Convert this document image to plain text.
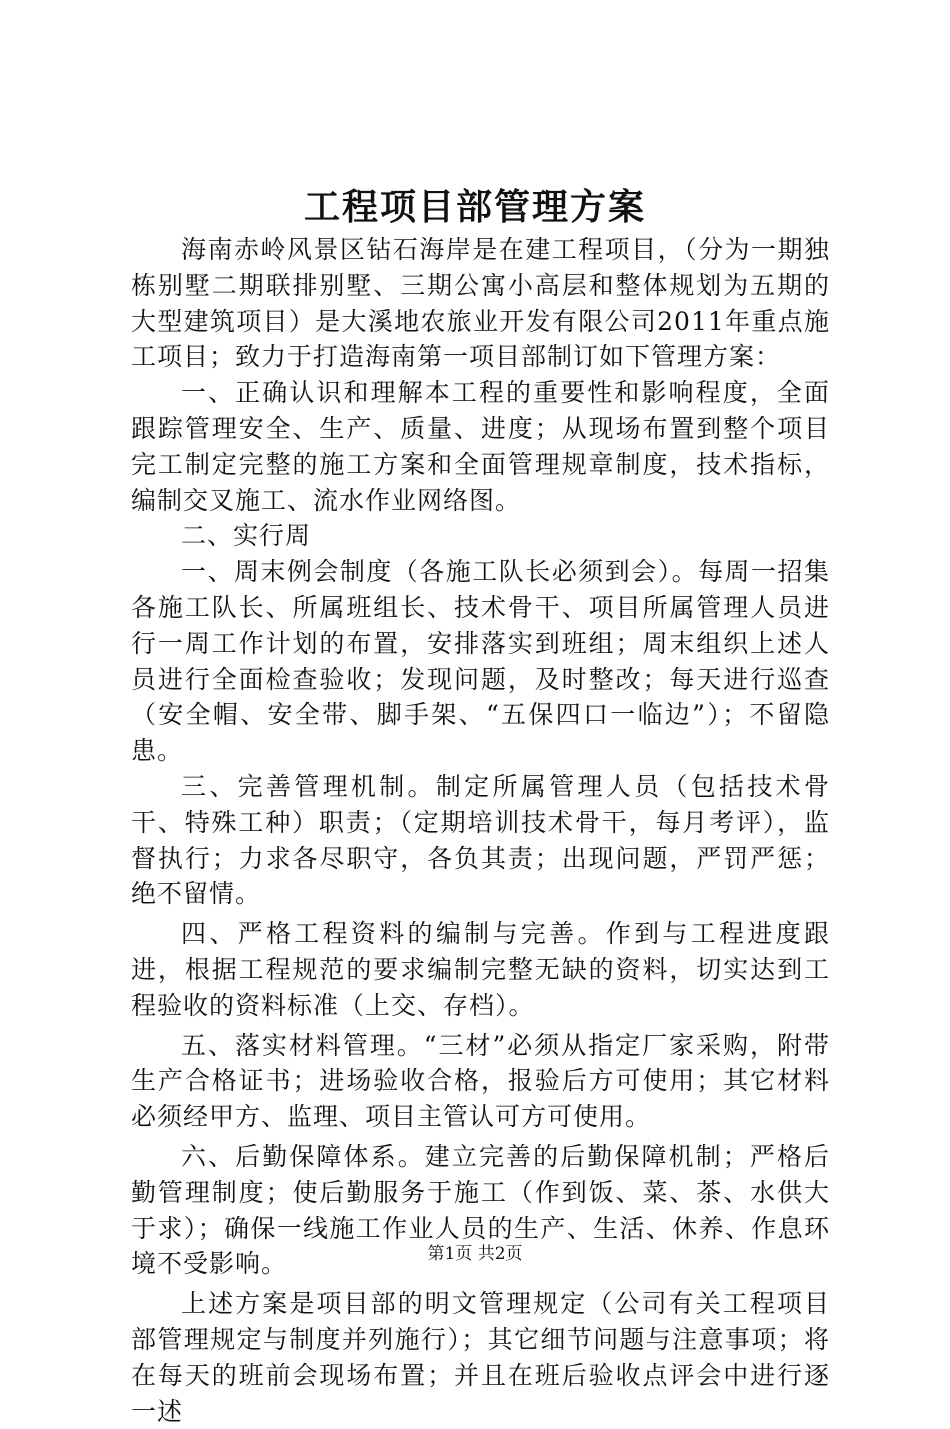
工程项目部管理方案

海南赤岭风景区钻石海岸是在建工程项目，（分为一期独栋别墅二期联排别墅、三期公寓小高层和整体规划为五期的大型建筑项目）是大溪地农旅业开发有限公司2011年重点施工项目；致力于打造海南第一项目部制订如下管理方案：

一、正确认识和理解本工程的重要性和影响程度，全面跟踪管理安全、生产、质量、进度；从现场布置到整个项目完工制定完整的施工方案和全面管理规章制度，技术指标，编制交叉施工、流水作业网络图。

二、实行周

一、周末例会制度（各施工队长必须到会）。每周一招集各施工队长、所属班组长、技术骨干、项目所属管理人员进行一周工作计划的布置，安排落实到班组；周末组织上述人员进行全面检查验收；发现问题，及时整改；每天进行巡查（安全帽、安全带、脚手架、“五保四口一临边”）；不留隐患。

三、完善管理机制。制定所属管理人员（包括技术骨干、特殊工种）职责；（定期培训技术骨干，每月考评），监督执行；力求各尽职守，各负其责；出现问题，严罚严惩；绝不留情。

四、严格工程资料的编制与完善。作到与工程进度跟进，根据工程规范的要求编制完整无缺的资料，切实达到工程验收的资料标准（上交、存档）。

五、落实材料管理。“三材”必须从指定厂家采购，附带生产合格证书；进场验收合格，报验后方可使用；其它材料必须经甲方、监理、项目主管认可方可使用。

六、后勤保障体系。建立完善的后勤保障机制；严格后勤管理制度；使后勤服务于施工（作到饭、菜、茶、水供大于求）；确保一线施工作业人员的生产、生活、休养、作息环境不受影响。

上述方案是项目部的明文管理规定（公司有关工程项目部管理规定与制度并列施行）；其它细节问题与注意事项；将在每天的班前会现场布置；并且在班后验收点评会中进行逐一述

第1页 共2页
